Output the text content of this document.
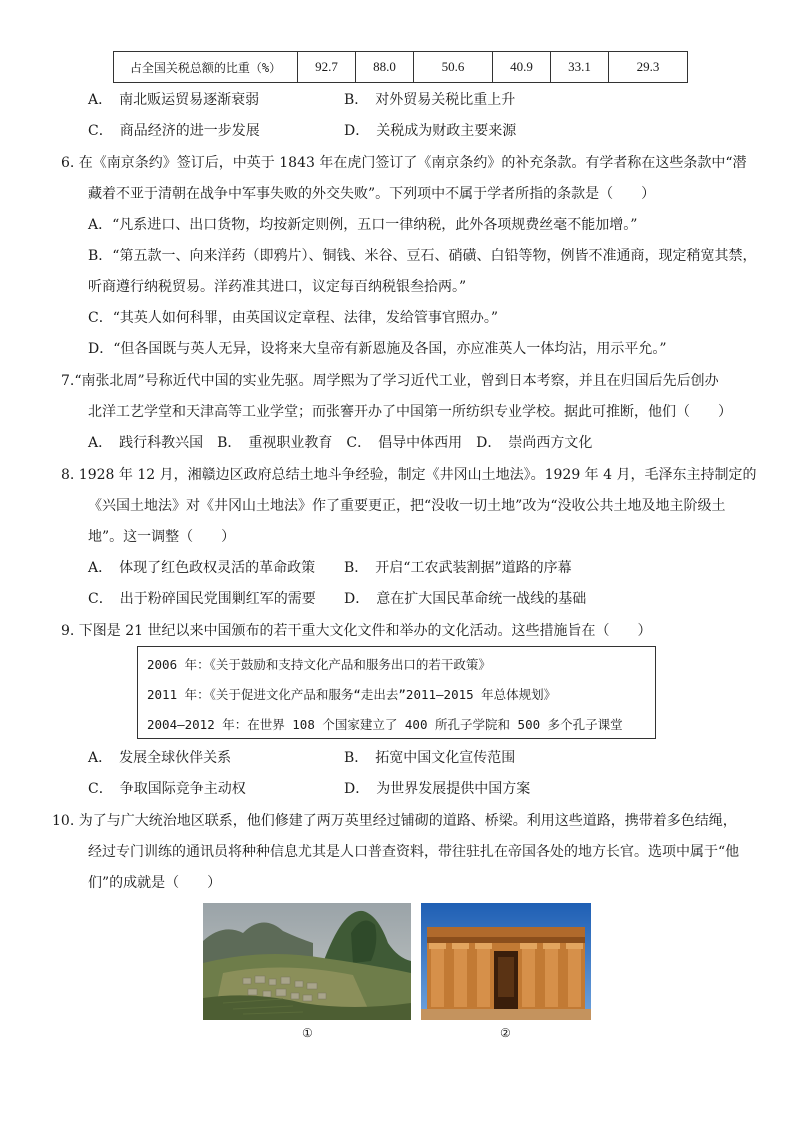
占全国关税总额的比重（%）	92.7	88.0	50.6	40.9	33.1	29.3
A．　南北贩运贸易逐渐衰弱	B．　对外贸易关税比重上升
C．　商品经济的进一步发展	D．　关税成为财政主要来源
6. 在《南京条约》签订后，中英于 1843 年在虎门签订了《南京条约》的补充条款。有学者称在这些条款中“潜
藏着不亚于清朝在战争中军事失败的外交失败”。下列项中不属于学者所指的条款是（　　）
A．“凡系进口、出口货物，均按新定则例，五口一律纳税，此外各项规费丝毫不能加增。”
B．“第五款一、向来洋药（即鸦片）、铜钱、米谷、豆石、硝磺、白铅等物，例皆不准通商，现定稍宽其禁，
听商遵行纳税贸易。洋药准其进口，议定每百纳税银叁拾两。”
C．“其英人如何科罪，由英国议定章程、法律，发给管事官照办。”
D．“但各国既与英人无异，设将来大皇帝有新恩施及各国，亦应准英人一体均沾，用示平允。”
7.“南张北周”号称近代中国的实业先驱。周学熙为了学习近代工业，曾到日本考察，并且在归国后先后创办
北洋工艺学堂和天津高等工业学堂；而张謇开办了中国第一所纺织专业学校。据此可推断，他们（　　）
A．　践行科教兴国　B．　重视职业教育　C．　倡导中体西用　D．　崇尚西方文化
8. 1928 年 12 月，湘赣边区政府总结土地斗争经验，制定《井冈山土地法》。1929 年 4 月，毛泽东主持制定的
《兴国土地法》对《井冈山土地法》作了重要更正，把“没收一切土地”改为“没收公共土地及地主阶级土
地”。这一调整（　　）
A．　体现了红色政权灵活的革命政策 B．　开启“工农武装割据”道路的序幕
C．　出于粉碎国民党围剿红军的需要 D．　意在扩大国民革命统一战线的基础
9. 下图是 21 世纪以来中国颁布的若干重大文化文件和举办的文化活动。这些措施旨在（　　）
2006 年：《关于鼓励和支持文化产品和服务出口的若干政策》
2011 年：《关于促进文化产品和服务“走出去”2011—2015 年总体规划》
2004—2012 年：在世界 108 个国家建立了 400 所孔子学院和 500 多个孔子课堂
A．　发展全球伙伴关系	B．　拓宽中国文化宣传范围
C．　争取国际竞争主动权	D．　为世界发展提供中国方案
10. 为了与广大统治地区联系，他们修建了两万英里经过铺砌的道路、桥梁。利用这些道路，携带着多色结绳，
经过专门训练的通讯员将种种信息尤其是人口普查资料，带往驻扎在帝国各处的地方长官。选项中属于“他
们”的成就是（　　）
①	②
